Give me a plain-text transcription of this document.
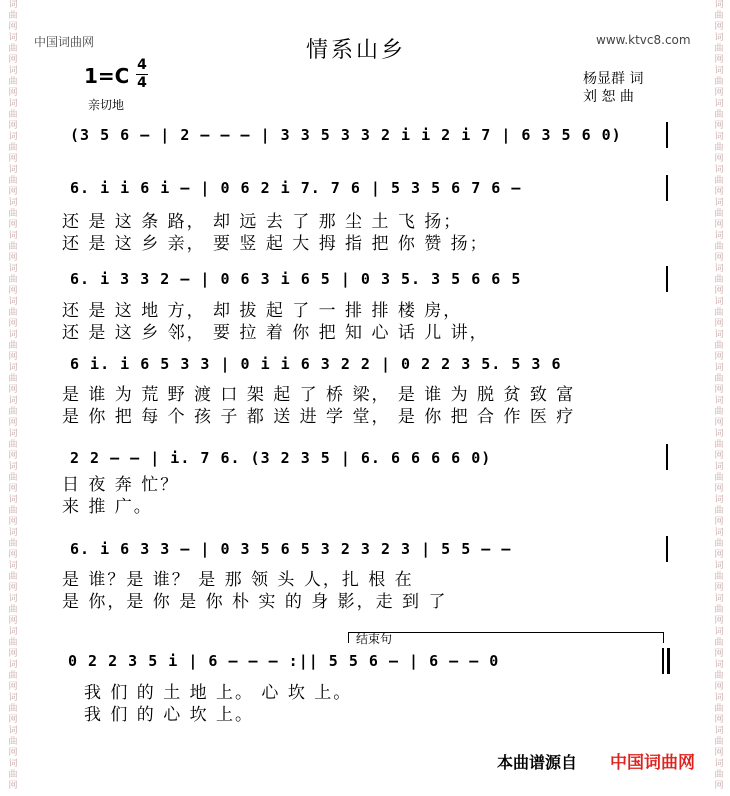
词
曲
网
词
曲
网
词
曲
网
词
曲
网
词
曲
网
词
曲
网
词
曲
网
词
曲
网
词
曲
网
词
曲
网
词
曲
网
词
曲
网
词
曲
网
词
曲
网
词
曲
网
词
曲
网
词
曲
网
词
曲
网
词
曲
网
词
曲
网
词
曲
网
词
曲
网
词
曲
网
词
曲
网
词
曲
网
词
曲
网
词
曲
网
词
曲
网
词
曲
网
词
曲
网
词
曲
网
词
曲
网
词
曲
网
词
曲
网
词
曲
网
词
曲
网
词
曲
网
词
曲
网
词
曲
网
词
曲
网
词
曲
网
词
曲
网
词
曲
网
词
曲
网
词
曲
网
词
曲
网
词
曲
网
词
曲
网
中国词曲网	www.ktvc8.com
情系山乡
1=C 4
4	杨显群 词
刘 恕 曲
亲切地
(3 5 6 – | 2 – – – | 3 3 5 3 3 2 i i 2 i 7 | 6 3 5 6 0)
6. i i 6 i – | 0 6 2 i 7. 7 6 | 5 3 5 6 7 6 –
还 是 这 条 路， 却 远 去 了 那 尘 土 飞 扬；
还 是 这 乡 亲， 要 竖 起 大 拇 指 把 你 赞 扬；
6. i 3 3 2 – | 0 6 3 i 6 5 | 0 3 5. 3 5 6 6 5
还 是 这 地 方， 却 拔 起 了 一 排 排 楼 房，
还 是 这 乡 邻， 要 拉 着 你 把 知 心 话 儿 讲，
6 i. i 6 5 3 3 | 0 i i 6 3 2 2 | 0 2 2 3 5. 5 3 6
是 谁 为 荒 野 渡 口 架 起 了 桥 梁， 是 谁 为 脱 贫 致 富
是 你 把 每 个 孩 子 都 送 进 学 堂， 是 你 把 合 作 医 疗
2 2 – – | i. 7 6. (3 2 3 5 | 6. 6 6 6 6 0)
日 夜 奔 忙？
来 推 广。
6. i 6 3 3 – | 0 3 5 6 5 3 2 3 2 3 | 5 5 – –
是 谁？是 谁？ 是 那 领 头 人，扎 根 在
是 你，是 你 是 你 朴 实 的 身 影，走 到 了
结束句
0 2 2 3 5 i | 6 – – – :|| 5 5 6 – | 6 – – 0
我 们 的 土 地 上。 心 坎 上。
我 们 的 心 坎 上。
本曲谱源自 中国词曲网
